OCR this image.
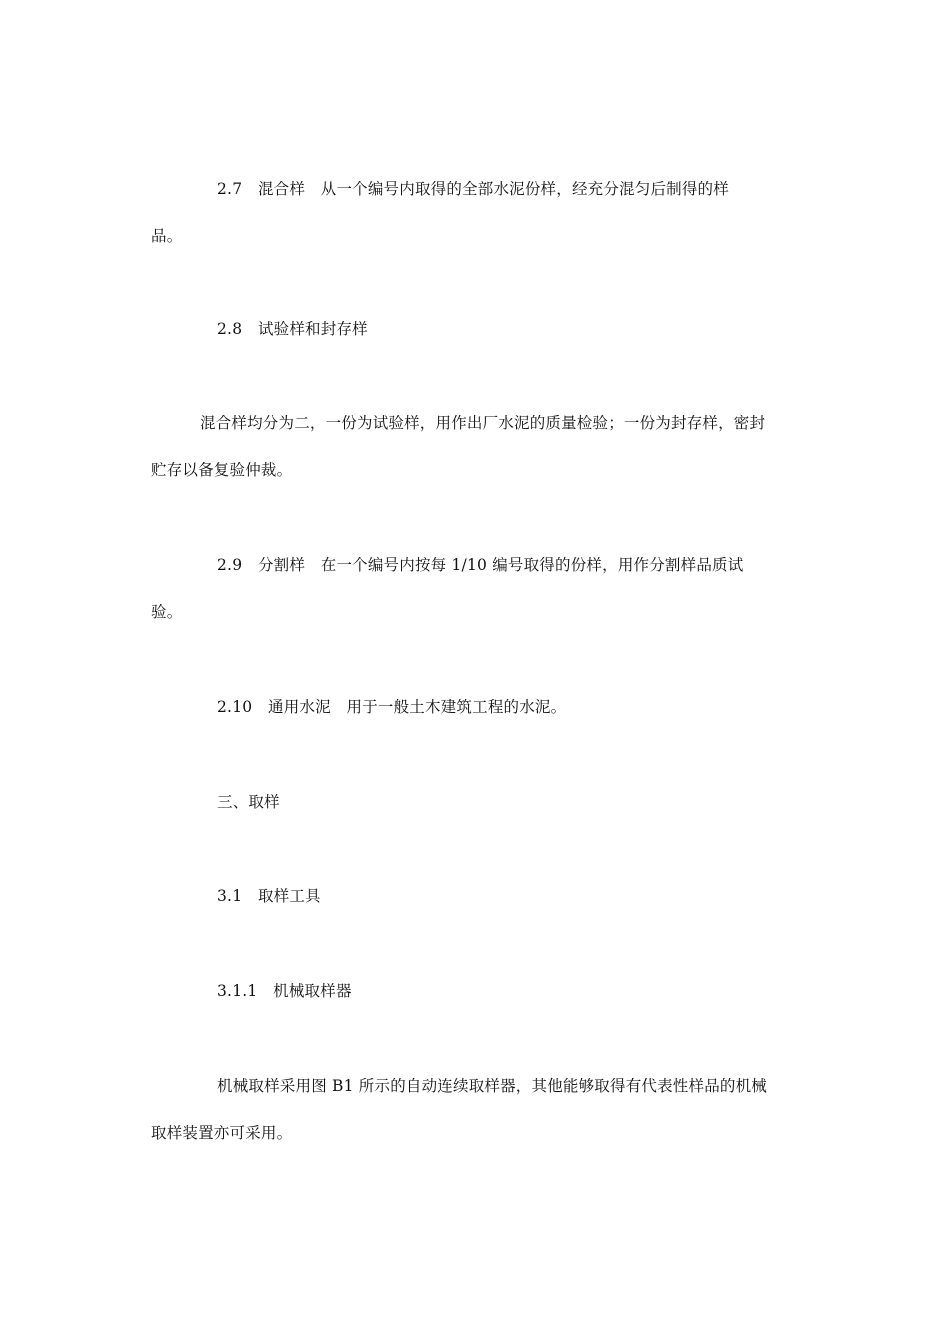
2.7　混合样　从一个编号内取得的全部水泥份样，经充分混匀后制得的样
品。
2.8　试验样和封存样
混合样均分为二，一份为试验样，用作出厂水泥的质量检验；一份为封存样，密封
贮存以备复验仲裁。
2.9　分割样　在一个编号内按每 1/10 编号取得的份样，用作分割样品质试
验。
2.10　通用水泥　用于一般土木建筑工程的水泥。
三、取样
3.1　取样工具
3.1.1　机械取样器
机械取样采用图 B1 所示的自动连续取样器，其他能够取得有代表性样品的机械
取样装置亦可采用。
